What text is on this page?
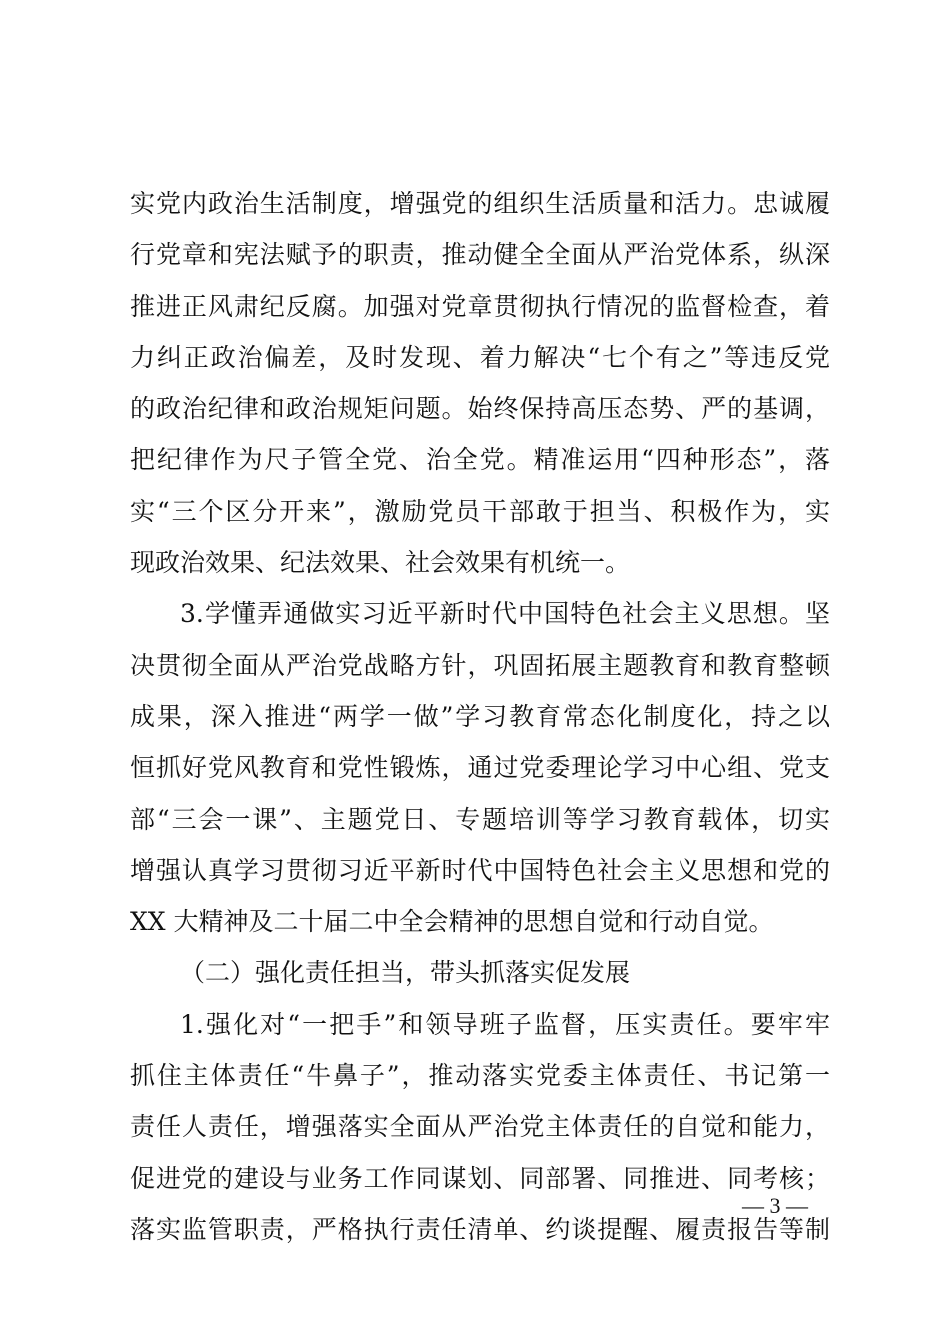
实党内政治生活制度，增强党的组织生活质量和活力。忠诚履
行党章和宪法赋予的职责，推动健全全面从严治党体系，纵深
推进正风肃纪反腐。加强对党章贯彻执行情况的监督检查，着
力纠正政治偏差，及时发现、着力解决“七个有之”等违反党
的政治纪律和政治规矩问题。始终保持高压态势、严的基调，
把纪律作为尺子管全党、治全党。精准运用“四种形态”，落
实“三个区分开来”，激励党员干部敢于担当、积极作为，实
现政治效果、纪法效果、社会效果有机统一。
3.学懂弄通做实习近平新时代中国特色社会主义思想。坚
决贯彻全面从严治党战略方针，巩固拓展主题教育和教育整顿
成果，深入推进“两学一做”学习教育常态化制度化，持之以
恒抓好党风教育和党性锻炼，通过党委理论学习中心组、党支
部“三会一课”、主题党日、专题培训等学习教育载体，切实
增强认真学习贯彻习近平新时代中国特色社会主义思想和党的
XX 大精神及二十届二中全会精神的思想自觉和行动自觉。
（二）强化责任担当，带头抓落实促发展
1.强化对“一把手”和领导班子监督，压实责任。要牢牢
抓住主体责任“牛鼻子”，推动落实党委主体责任、书记第一
责任人责任，增强落实全面从严治党主体责任的自觉和能力，
促进党的建设与业务工作同谋划、同部署、同推进、同考核；
落实监管职责，严格执行责任清单、约谈提醒、履责报告等制
— 3 —
